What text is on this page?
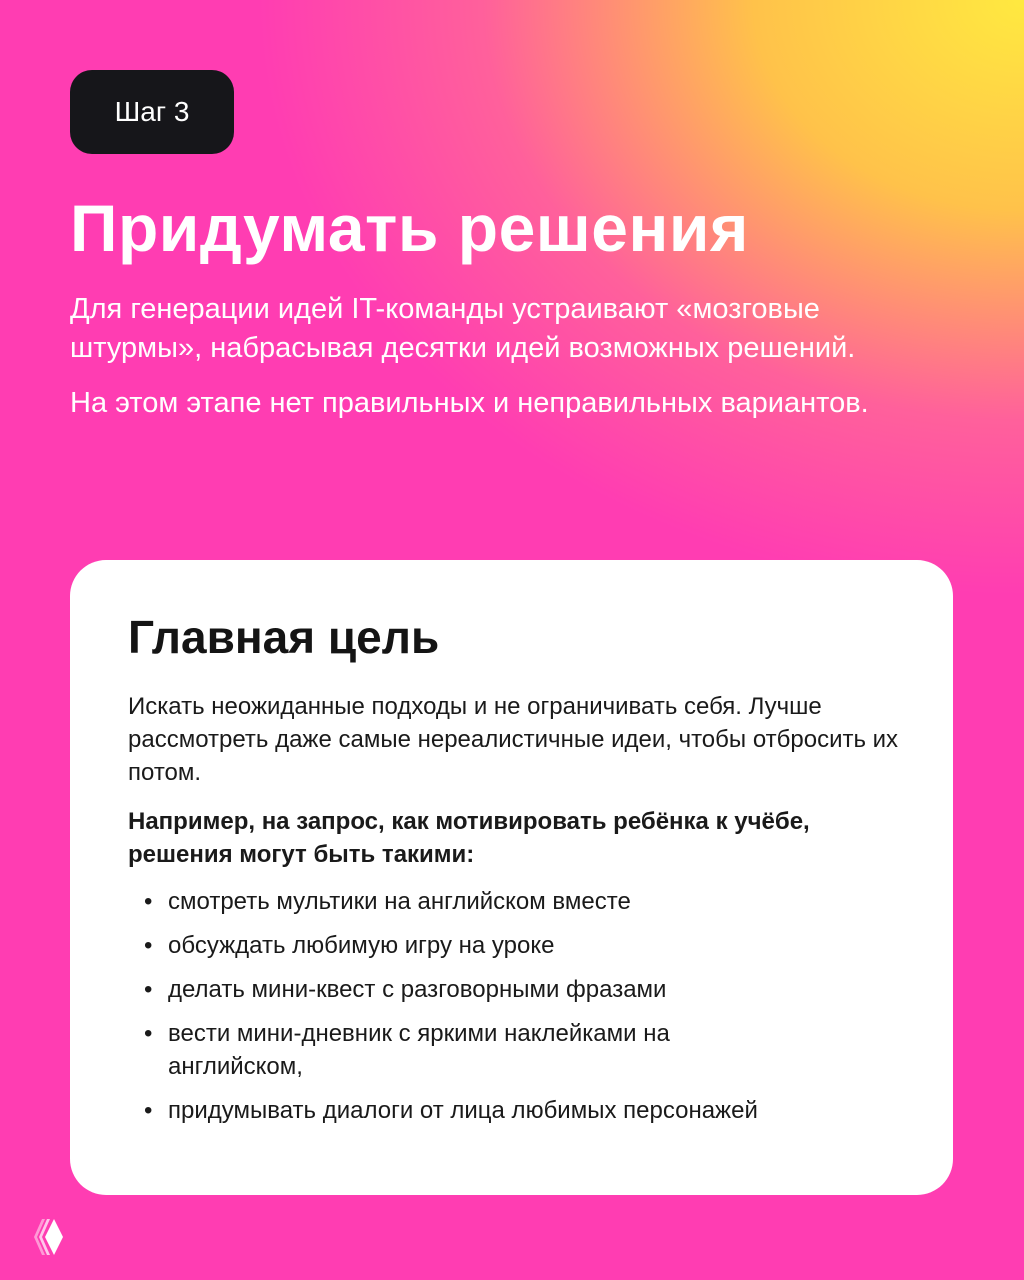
Шаг 3
Придумать решения

Для генерации идей IT-команды устраивают «мозговые штурмы», набрасывая десятки идей возможных решений.

На этом этапе нет правильных и неправильных вариантов.

Главная цель

Искать неожиданные подходы и не ограничивать себя. Лучше рассмотреть даже самые нереалистичные идеи, чтобы отбросить их потом.

Например, на запрос, как мотивировать ребёнка к учёбе, решения могут быть такими:
• смотреть мультики на английском вместе
• обсуждать любимую игру на уроке
• делать мини-квест с разговорными фразами
• вести мини-дневник с яркими наклейками на английском,
• придумывать диалоги от лица любимых персонажей
